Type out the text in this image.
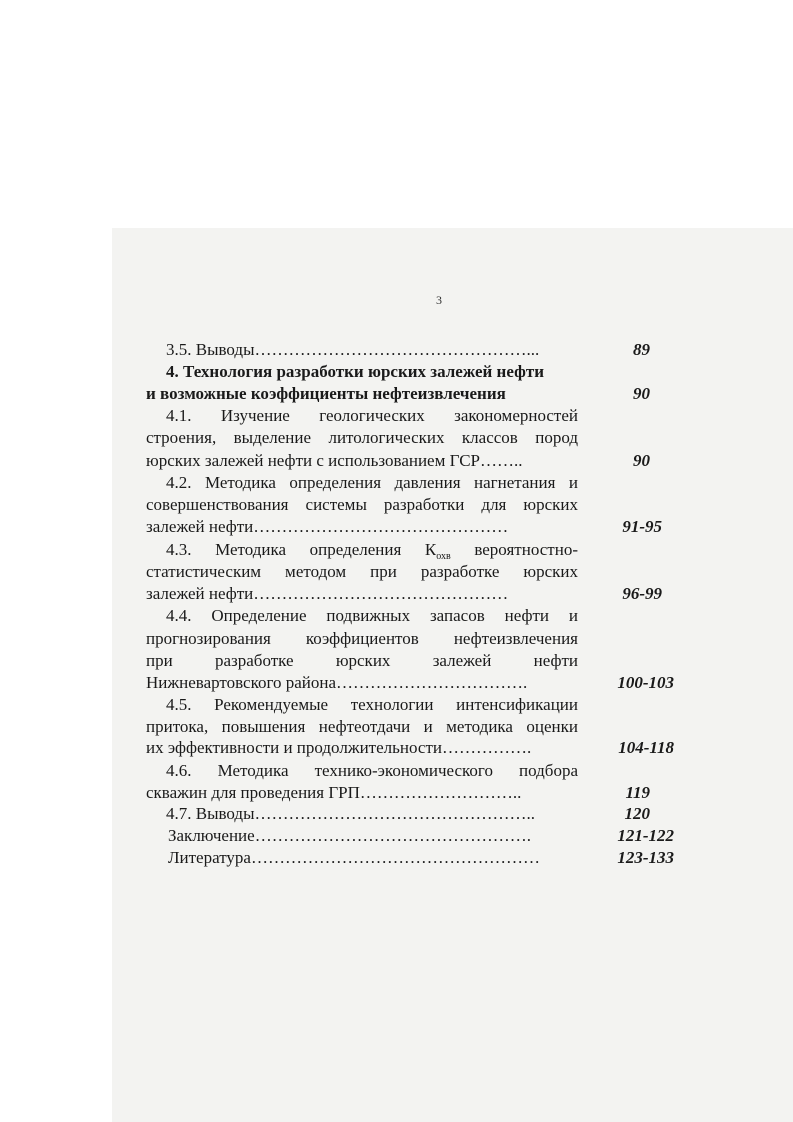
3
3.5. Выводы…………………………………………...	89
4. Технология разработки юрских залежей нефти
и возможные коэффициенты нефтеизвлечения	90
4.1. Изучение геологических закономерностей
строения, выделение литологических классов пород
юрских залежей нефти с использованием ГСР……..	90
4.2. Методика определения давления нагнетания и
совершенствования системы разработки для юрских
залежей нефти………………………………………	91-95
4.3. Методика определения $К_{охв}$ вероятностно-
статистическим методом при разработке юрских
залежей нефти………………………………………	96-99
4.4. Определение подвижных запасов нефти и
прогнозирования коэффициентов нефтеизвлечения
при разработке юрских залежей нефти
Нижневартовского района…………………………….	100-103
4.5. Рекомендуемые технологии интенсификации
притока, повышения нефтеотдачи и методика оценки
их эффективности и продолжительности…………….	104-118
4.6. Методика технико-экономического подбора
скважин для проведения ГРП………………………..	119
4.7. Выводы…………………………………………..	120
Заключение………………………………………….	121-122
Литература……………………………………………	123-133
